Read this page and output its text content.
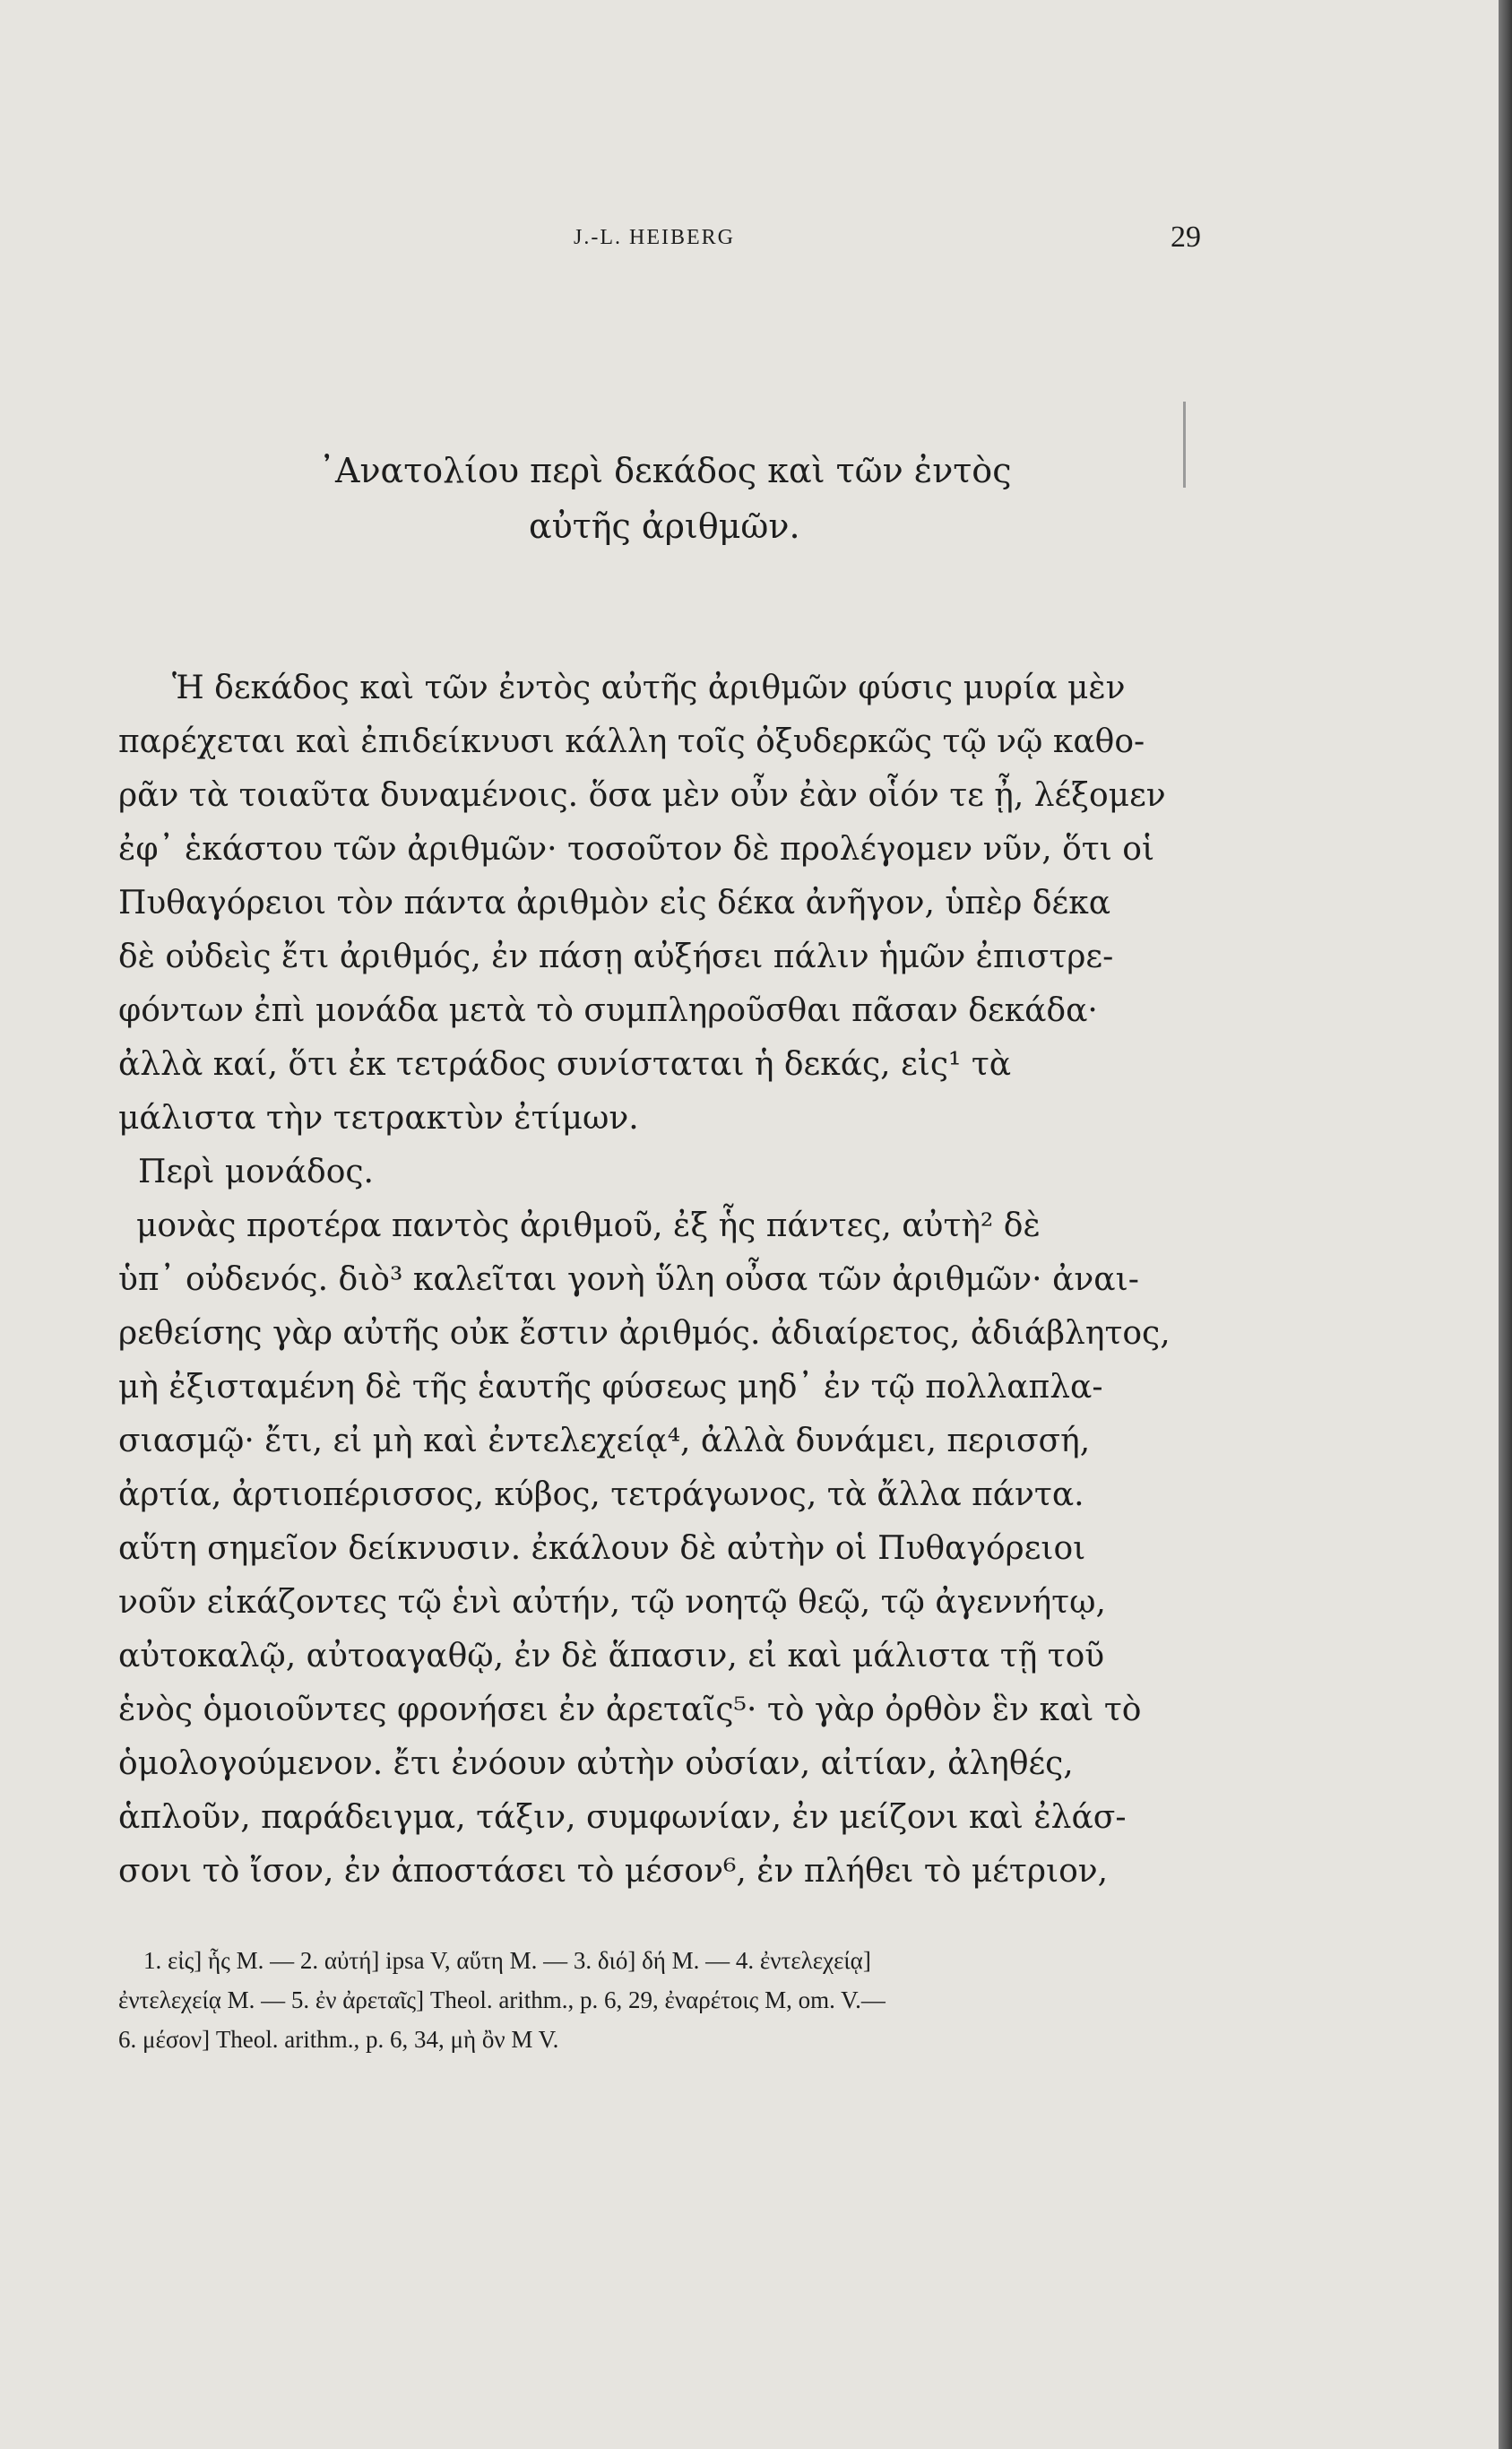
J.-L. HEIBERG	29
᾿Ανατολίου περὶ δεκάδος καὶ τῶν ἐντὸς
αὐτῆς ἀριθμῶν.
Ἡ δεκάδος καὶ τῶν ἐντὸς αὐτῆς ἀριθμῶν φύσις μυρία μὲν
παρέχεται καὶ ἐπιδείκνυσι κάλλη τοῖς ὀξυδερκῶς τῷ νῷ καθο-
ρᾶν τὰ τοιαῦτα δυναμένοις. ὅσα μὲν οὖν ἐὰν οἷόν τε ᾖ, λέξομεν
ἐφ᾿ ἑκάστου τῶν ἀριθμῶν· τοσοῦτον δὲ προλέγομεν νῦν, ὅτι οἱ
Πυθαγόρειοι τὸν πάντα ἀριθμὸν εἰς δέκα ἀνῆγον, ὑπὲρ δέκα
δὲ οὐδεὶς ἔτι ἀριθμός, ἐν πάσῃ αὐξήσει πάλιν ἡμῶν ἐπιστρε-
φόντων ἐπὶ μονάδα μετὰ τὸ συμπληροῦσθαι πᾶσαν δεκάδα·
ἀλλὰ καί, ὅτι ἐκ τετράδος συνίσταται ἡ δεκάς, εἰς¹ τὰ
μάλιστα τὴν τετρακτὺν ἐτίμων.
Περὶ μονάδος.
μονὰς προτέρα παντὸς ἀριθμοῦ, ἐξ ἧς πάντες, αὐτὴ² δὲ
ὑπ᾿ οὐδενός. διὸ³ καλεῖται γονὴ ὕλη οὖσα τῶν ἀριθμῶν· ἀναι-
ρεθείσης γὰρ αὐτῆς οὐκ ἔστιν ἀριθμός. ἀδιαίρετος, ἀδιάβλητος,
μὴ ἐξισταμένη δὲ τῆς ἑαυτῆς φύσεως μηδ᾿ ἐν τῷ πολλαπλα-
σιασμῷ· ἔτι, εἰ μὴ καὶ ἐντελεχείᾳ⁴, ἀλλὰ δυνάμει, περισσή,
ἀρτία, ἀρτιοπέρισσος, κύβος, τετράγωνος, τὰ ἄλλα πάντα.
αὕτη σημεῖον δείκνυσιν. ἐκάλουν δὲ αὐτὴν οἱ Πυθαγόρειοι
νοῦν εἰκάζοντες τῷ ἑνὶ αὐτήν, τῷ νοητῷ θεῷ, τῷ ἀγεννήτῳ,
αὐτοκαλῷ, αὐτοαγαθῷ, ἐν δὲ ἅπασιν, εἰ καὶ μάλιστα τῇ τοῦ
ἑνὸς ὁμοιοῦντες φρονήσει ἐν ἀρεταῖς⁵· τὸ γὰρ ὀρθὸν ἓν καὶ τὸ
ὁμολογούμενον. ἔτι ἐνόουν αὐτὴν οὐσίαν, αἰτίαν, ἀληθές,
ἁπλοῦν, παράδειγμα, τάξιν, συμφωνίαν, ἐν μείζονι καὶ ἐλάσ-
σονι τὸ ἴσον, ἐν ἀποστάσει τὸ μέσον⁶, ἐν πλήθει τὸ μέτριον,
1. εἰς] ἧς M. — 2. αὐτή] ipsa V, αὕτη M. — 3. διό] δή M. — 4. ἐντελεχείᾳ]
ἐντελεχείᾳ M. — 5. ἐν ἀρεταῖς] Theol. arithm., p. 6, 29, ἐναρέτοις M, om. V.—
6. μέσον] Theol. arithm., p. 6, 34, μὴ ὂν M V.
